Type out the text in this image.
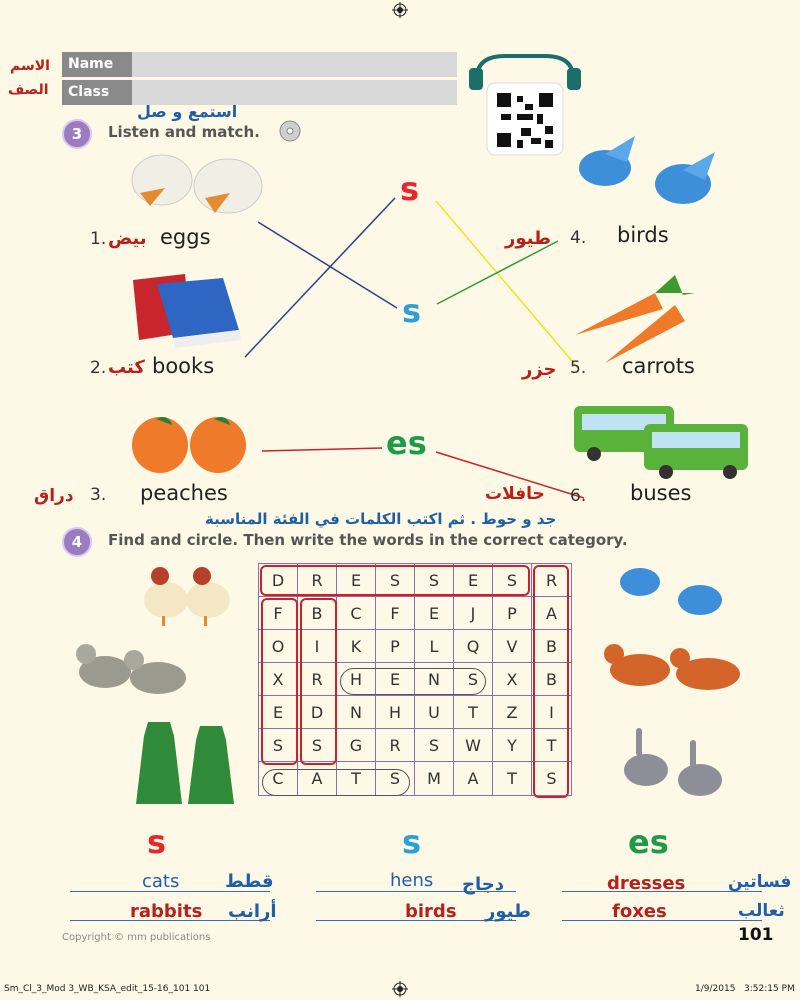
الاسم
الصف
Name
Class
3
استمع و صل
Listen and match.
s
s
es
1. بيض eggs
2. كتب books
دراق 3. peaches
طيور 4. birds
جزر 5. carrots
حافلات 6. buses
جد و حوط . ثم اكتب الكلمات في الفئة المناسبة
4	Find and circle. Then write the words in the correct category.
D	R	E	S	S	E	S	R
F	B	C	F	E	J	P	A
O	I	K	P	L	Q	V	B
X	R	H	E	N	S	X	B
E	D	N	H	U	T	Z	I
S	S	G	R	S	W	Y	T
C	A	T	S	M	A	T	S
s	s	es
cats	قطط
rabbits أرانب
hens دجاج
birds طيور
dresses	فساتين
foxes	ثعالب
Copyright © mm publications	101
Sm_Cl_3_Mod 3_WB_KSA_edit_15-16_101 101	1/9/2015   3:52:15 PM
